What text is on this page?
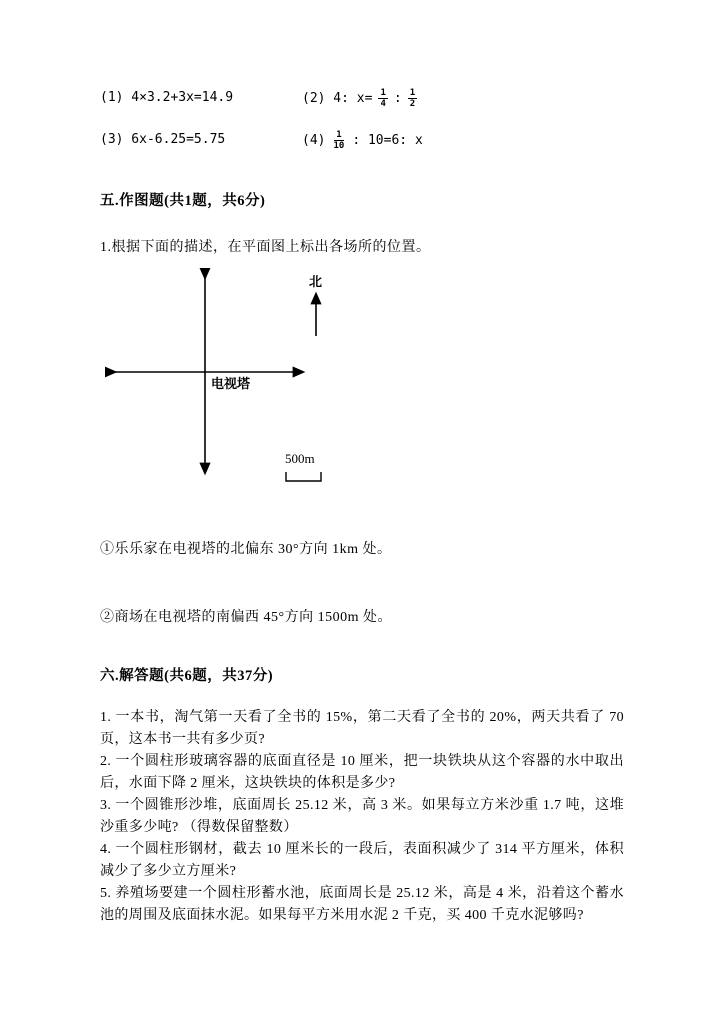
(1) 4×3.2+3x=14.9	(2) 4: $x= \frac{1}{4}$ : $\frac{1}{2}$
(3) 6x-6.25=5.75	$(4) \frac{1}{10}$ : 10=6: x
五.作图题(共1题，共6分)
1.根据下面的描述，在平面图上标出各场所的位置。
电视塔
北
500m
①乐乐家在电视塔的北偏东 30°方向 1km 处。
②商场在电视塔的南偏西 45°方向 1500m 处。
六.解答题(共6题，共37分)

1. 一本书，淘气第一天看了全书的 15%，第二天看了全书的 20%，两天共看了 70 页，这本书一共有多少页?

2. 一个圆柱形玻璃容器的底面直径是 10 厘米，把一块铁块从这个容器的水中取出后，水面下降 2 厘米，这块铁块的体积是多少?

3. 一个圆锥形沙堆，底面周长 25.12 米，高 3 米。如果每立方米沙重 1.7 吨，这堆沙重多少吨? （得数保留整数）

4. 一个圆柱形钢材，截去 10 厘米长的一段后，表面积减少了 314 平方厘米，体积减少了多少立方厘米?

5. 养殖场要建一个圆柱形蓄水池，底面周长是 25.12 米，高是 4 米，沿着这个蓄水池的周围及底面抹水泥。如果每平方米用水泥 2 千克，买 400 千克水泥够吗?
